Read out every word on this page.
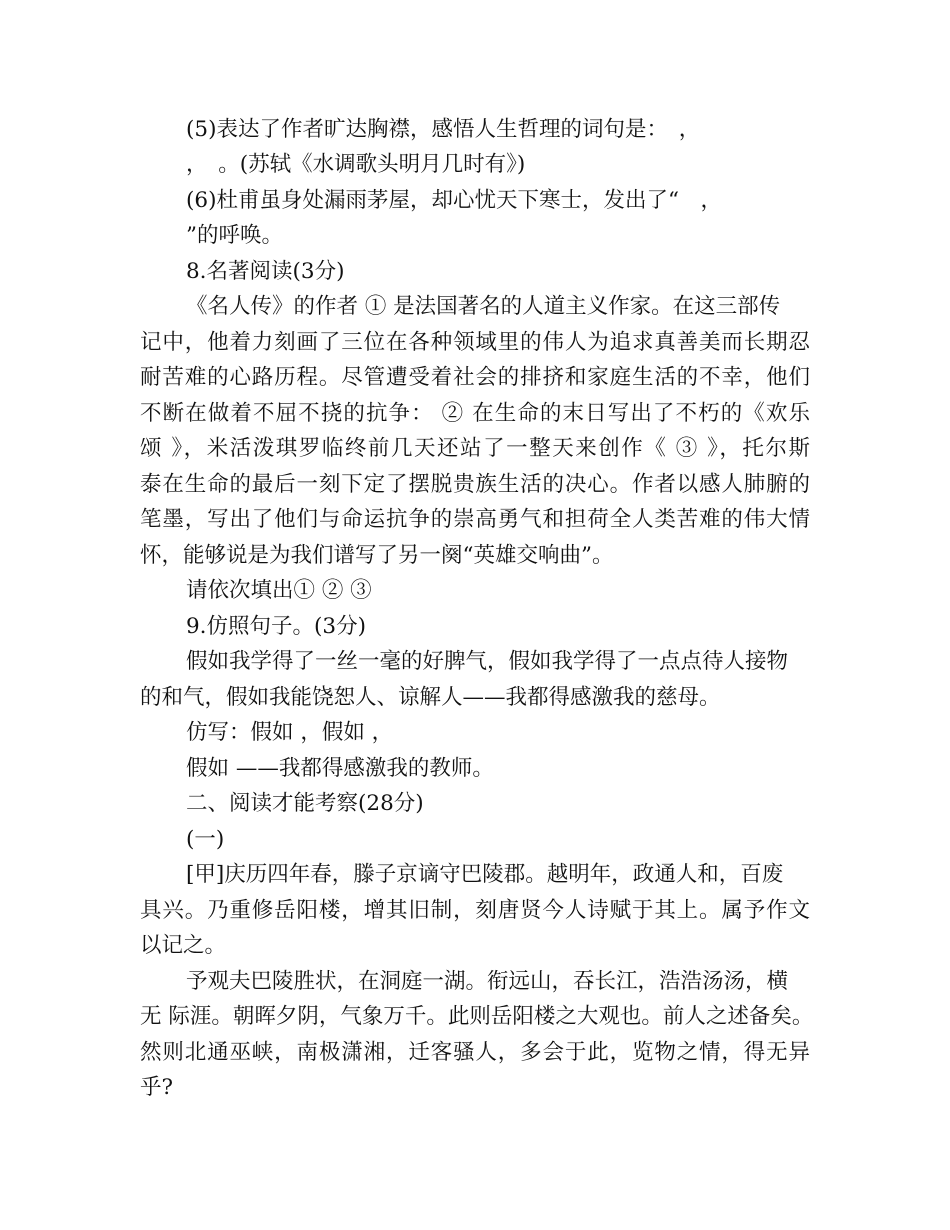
(5)表达了作者旷达胸襟，感悟人生哲理的词句是：　，
，　。(苏轼《水调歌头明月几时有》)
(6)杜甫虽身处漏雨茅屋，却心忧天下寒士，发出了“　，
”的呼唤。
8.名著阅读(3分)
《名人传》的作者 ① 是法国著名的人道主义作家。在这三部传
记中，他着力刻画了三位在各种领域里的伟人为追求真善美而长期忍
耐苦难的心路历程。尽管遭受着社会的排挤和家庭生活的不幸，他们
不断在做着不屈不挠的抗争： ② 在生命的末日写出了不朽的《欢乐
颂 》，米活泼琪罗临终前几天还站了一整天来创作《 ③ 》，托尔斯
泰在生命的最后一刻下定了摆脱贵族生活的决心。作者以感人肺腑的
笔墨，写出了他们与命运抗争的崇高勇气和担荷全人类苦难的伟大情
怀，能够说是为我们谱写了另一阕“英雄交响曲”。
请依次填出① ② ③
9.仿照句子。(3分)
假如我学得了一丝一毫的好脾气，假如我学得了一点点待人接物
的和气，假如我能饶恕人、谅解人——我都得感激我的慈母。
仿写：假如 ，假如 ，
假如 ——我都得感激我的教师。
二、阅读才能考察(28分)
(一)
[甲]庆历四年春，滕子京谪守巴陵郡。越明年，政通人和，百废
具兴。乃重修岳阳楼，增其旧制，刻唐贤今人诗赋于其上。属予作文
以记之。
予观夫巴陵胜状，在洞庭一湖。衔远山，吞长江，浩浩汤汤，横
无 际涯。朝晖夕阴，气象万千。此则岳阳楼之大观也。前人之述备矣。
然则北通巫峡，南极潇湘，迁客骚人，多会于此，览物之情，得无异
乎?
